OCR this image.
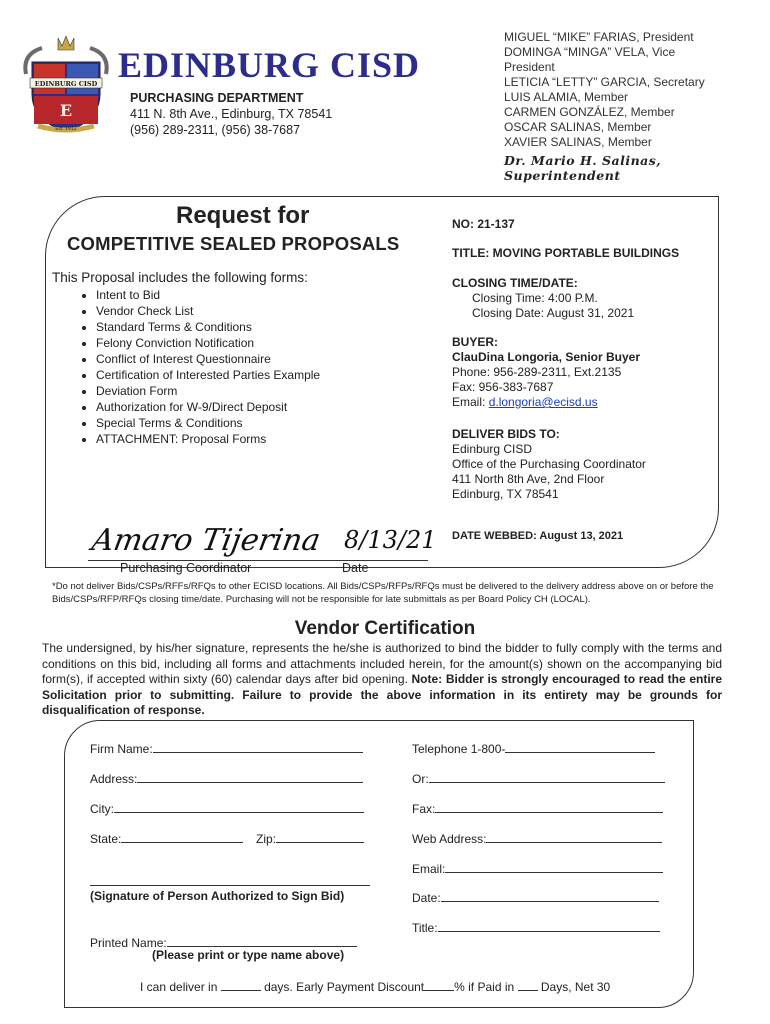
EDINBURG CISD
E
Est. 1912
EDINBURG CISD
PURCHASING DEPARTMENT
411 N. 8th Ave., Edinburg, TX 78541
(956) 289-2311, (956) 38-7687
MIGUEL “MIKE” FARIAS, President
DOMINGA “MINGA” VELA, Vice
President
LETICIA “LETTY” GARCIA, Secretary
LUIS ALAMIA, Member
CARMEN GONZÁLEZ, Member
OSCAR SALINAS, Member
XAVIER SALINAS, Member
Dr. Mario H. Salinas, Superintendent
Request for
COMPETITIVE SEALED PROPOSALS
This Proposal includes the following forms:
• Intent to Bid
• Vendor Check List
• Standard Terms & Conditions
• Felony Conviction Notification
• Conflict of Interest Questionnaire
• Certification of Interested Parties Example
• Deviation Form
• Authorization for W-9/Direct Deposit
• Special Terms & Conditions
• ATTACHMENT: Proposal Forms
NO: 21-137
TITLE: MOVING PORTABLE BUILDINGS
CLOSING TIME/DATE:
Closing Time: 4:00 P.M.
Closing Date: August 31, 2021
BUYER:
ClauDina Longoria, Senior Buyer
Phone: 956-289-2311, Ext.2135
Fax: 956-383-7687
Email: d.longoria@ecisd.us
DELIVER BIDS TO:
Edinburg CISD
Office of the Purchasing Coordinator
411 North 8th Ave, 2nd Floor
Edinburg, TX 78541
DATE WEBBED: August 13, 2021
Amaro Tijerina 8/13/21
Purchasing Coordinator	Date
*Do not deliver Bids/CSPs/RFFs/RFQs to other ECISD locations. All Bids/CSPs/RFPs/RFQs must be delivered to the delivery address above on or before the Bids/CSPs/RFP/RFQs closing time/date. Purchasing will not be responsible for late submittals as per Board Policy CH (LOCAL).
Vendor Certification
The undersigned, by his/her signature, represents the he/she is authorized to bind the bidder to fully comply with the terms and conditions on this bid, including all forms and attachments included herein, for the amount(s) shown on the accompanying bid form(s), if accepted within sixty (60) calendar days after bid opening. Note: Bidder is strongly encouraged to read the entire Solicitation prior to submitting. Failure to provide the above information in its entirety may be grounds for disqualification of response.
Firm Name:	Telephone 1-800-
Address:	Or:
City:	Fax:
State:	Zip:	Web Address:
Email:
(Signature of Person Authorized to Sign Bid)	Date:
Title:
Printed Name:
(Please print or type name above)
I can deliver in	days. Early Payment Discount	% if Paid in Days, Net 30
